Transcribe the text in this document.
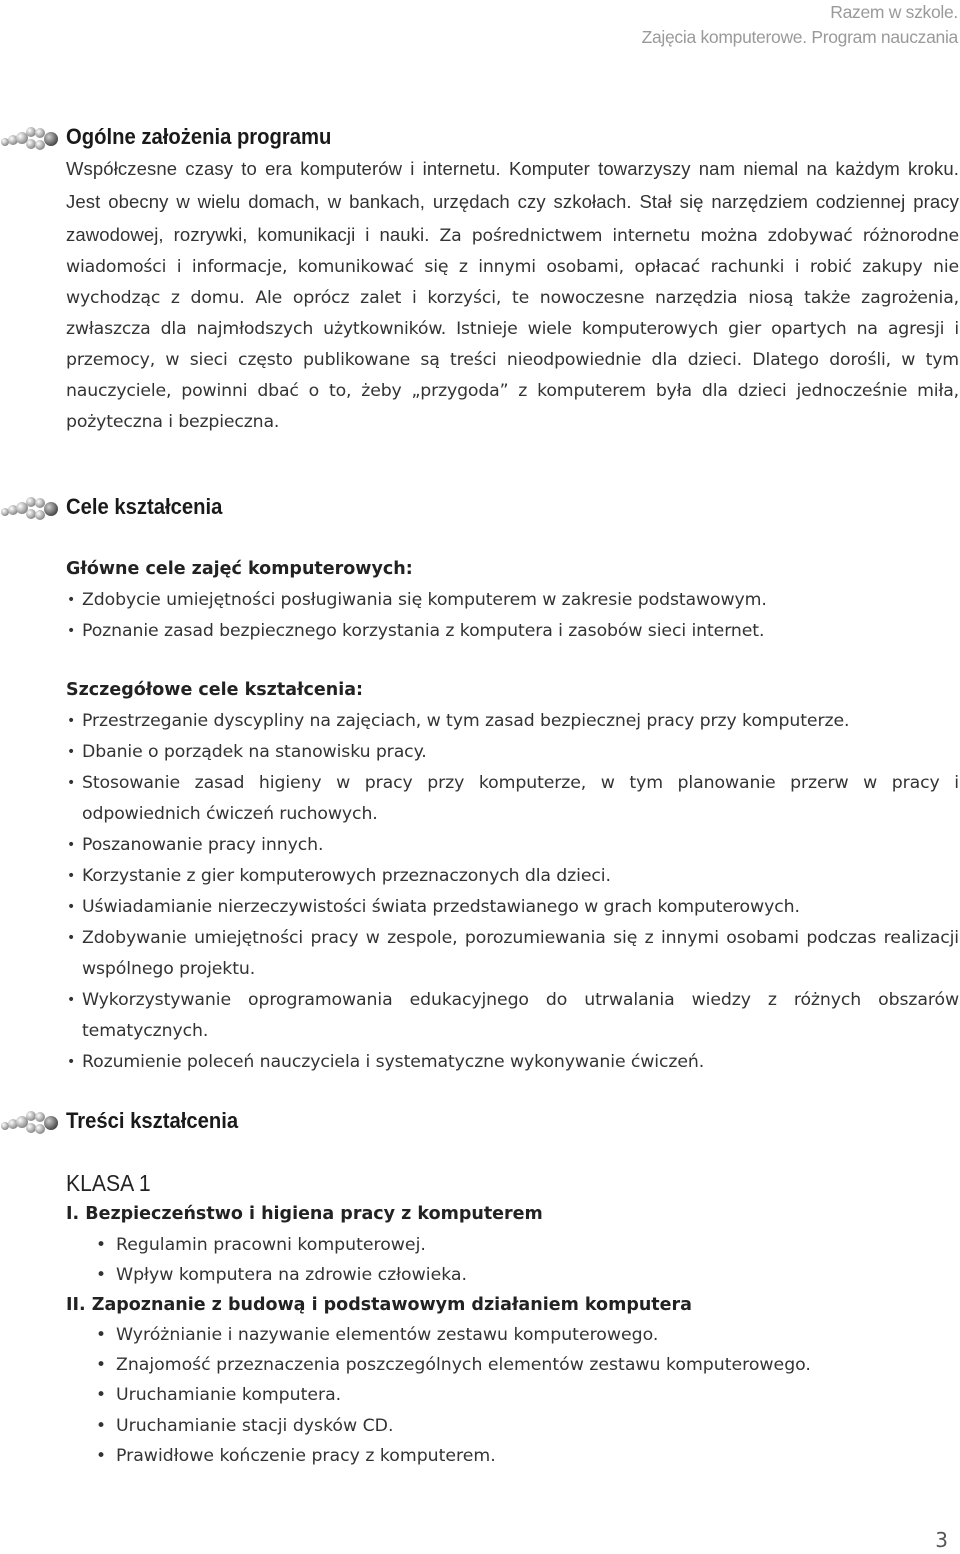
Razem w szkole.
Zajęcia komputerowe. Program nauczania
Ogólne założenia programu
Współczesne czasy to era komputerów i internetu. Komputer towarzyszy nam niemal na każdym kroku. Jest obecny w wielu domach, w bankach, urzędach czy szkołach. Stał się narzędziem codziennej pracy zawodowej, rozrywki, komunikacji i nauki. Za pośrednictwem internetu można zdobywać różnorodne wiadomości i informacje, komunikować się z innymi osobami, opłacać rachunki i robić zakupy nie wychodząc z domu. Ale oprócz zalet i korzyści, te nowoczesne narzędzia niosą także zagrożenia, zwłaszcza dla najmłodszych użytkowników. Istnieje wiele komputerowych gier opartych na agresji i przemocy, w sieci często publikowane są treści nieodpowiednie dla dzieci. Dlatego dorośli, w tym nauczyciele, powinni dbać o to, żeby „przygoda” z komputerem była dla dzieci jednocześnie miła, pożyteczna i bezpieczna.
Cele kształcenia
Główne cele zajęć komputerowych:
• Zdobycie umiejętności posługiwania się komputerem w zakresie podstawowym.
• Poznanie zasad bezpiecznego korzystania z komputera i zasobów sieci internet.
Szczegółowe cele kształcenia:
• Przestrzeganie dyscypliny na zajęciach, w tym zasad bezpiecznej pracy przy komputerze.
• Dbanie o porządek na stanowisku pracy.
• Stosowanie zasad higieny w pracy przy komputerze, w tym planowanie przerw w pracy i odpowiednich ćwiczeń ruchowych.
• Poszanowanie pracy innych.
• Korzystanie z gier komputerowych przeznaczonych dla dzieci.
• Uświadamianie nierzeczywistości świata przedstawianego w grach komputerowych.
• Zdobywanie umiejętności pracy w zespole, porozumiewania się z innymi osobami podczas realizacji wspólnego projektu.
• Wykorzystywanie oprogramowania edukacyjnego do utrwalania wiedzy z różnych obszarów tematycznych.
• Rozumienie poleceń nauczyciela i systematyczne wykonywanie ćwiczeń.
Treści kształcenia
KLASA 1
I. Bezpieczeństwo i higiena pracy z komputerem
• Regulamin pracowni komputerowej.
• Wpływ komputera na zdrowie człowieka.
II. Zapoznanie z budową i podstawowym działaniem komputera
• Wyróżnianie i nazywanie elementów zestawu komputerowego.
• Znajomość przeznaczenia poszczególnych elementów zestawu komputerowego.
• Uruchamianie komputera.
• Uruchamianie stacji dysków CD.
• Prawidłowe kończenie pracy z komputerem.
3
